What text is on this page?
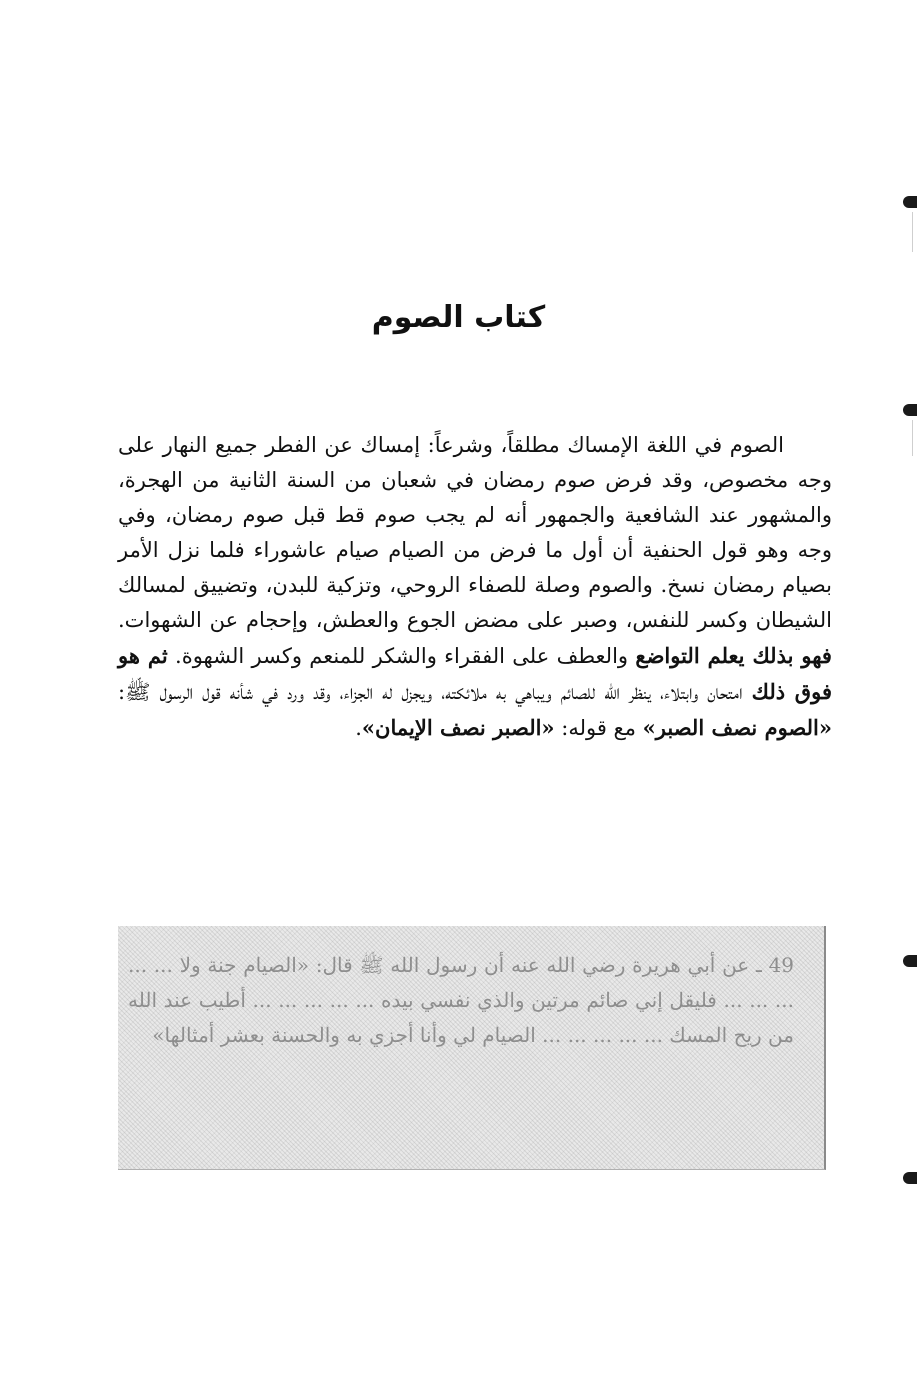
كتاب الصوم

الصوم في اللغة الإمساك مطلقاً، وشرعاً: إمساك عن الفطر جميع النهار على وجه مخصوص، وقد فرض صوم رمضان في شعبان من السنة الثانية من الهجرة، والمشهور عند الشافعية والجمهور أنه لم يجب صوم قط قبل صوم رمضان، وفي وجه وهو قول الحنفية أن أول ما فرض من الصيام صيام عاشوراء فلما نزل الأمر بصيام رمضان نسخ. والصوم وصلة للصفاء الروحي، وتزكية للبدن، وتضييق لمسالك الشيطان وكسر للنفس، وصبر على مضض الجوع والعطش، وإحجام عن الشهوات. فهو بذلك يعلم التواضع والعطف على الفقراء والشكر للمنعم وكسر الشهوة. ثم هو فوق ذلك امتحان وابتلاء، ينظر الله للصائم ويباهي به ملائكته، ويجزل له الجزاء، وقد ورد في شأنه قول الرسول ﷺ: «الصوم نصف الصبر» مع قوله: «الصبر نصف الإيمان».

49 ـ عن أبي هريرة رضي الله عنه أن رسول الله ﷺ قال: «الصيام جنة ولا ... ... ... ... ... فليقل إني صائم مرتين والذي نفسي بيده ... ... ... ... ... أطيب عند الله من ريح المسك ... ... ... ... ... الصيام لي وأنا أجزي به والحسنة بعشر أمثالها»
